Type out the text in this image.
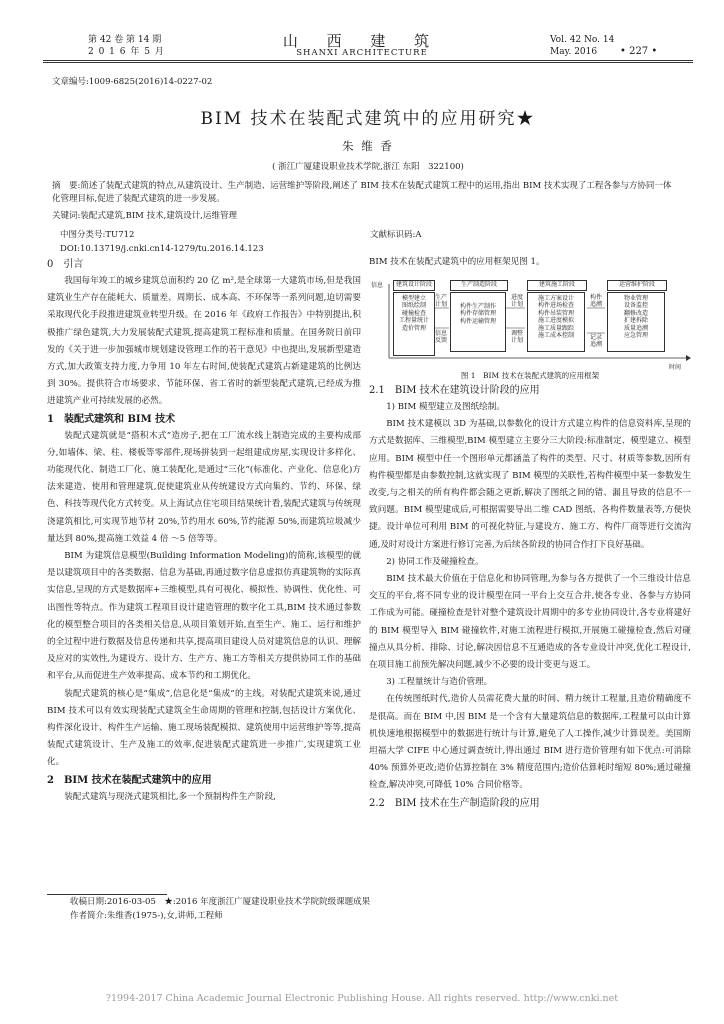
第 42 卷 第 14 期
2 0 1 6 年 5 月
山 西 建 筑
SHANXI ARCHITECTURE
Vol. 42 No. 14
May. 2016 • 227 •
文章编号:1009-6825(2016)14-0227-02
BIM 技术在装配式建筑中的应用研究★
朱 维 香
( 浙江广厦建设职业技术学院,浙江 东阳　322100)
摘　要:简述了装配式建筑的特点,从建筑设计、生产制造、运营维护等阶段,阐述了 BIM 技术在装配式建筑工程中的运用,指出 BIM 技术实现了工程各参与方协同一体化管理目标,促进了装配式建筑的进一步发展。
关键词:装配式建筑,BIM 技术,建筑设计,运维管理
中图分类号:TU712	文献标识码:A
DOI:10.13719/j.cnki.cn14-1279/tu.2016.14.123
0　引言

我国每年竣工的城乡建筑总面积约 20 亿 m²,是全球第一大建筑市场,但是我国建筑业生产存在能耗大、质量差、周期长、成本高、不环保等一系列问题,迫切需要采取现代化手段推进建筑业转型升级。在 2016 年《政府工作报告》中特别提出,积极推广绿色建筑,大力发展装配式建筑,提高建筑工程标准和质量。在国务院日前印发的《关于进一步加强城市规划建设管理工作的若干意见》中也提出,发展新型建造方式,加大政策支持力度,力争用 10 年左右时间,使装配式建筑占新建建筑的比例达到 30%。提供符合市场要求、节能环保、省工省时的新型装配式建筑,已经成为推进建筑产业可持续发展的必然。

1　装配式建筑和 BIM 技术

装配式建筑就是“搭积木式”造房子,把在工厂流水线上制造完成的主要构成部分,如墙体、梁、柱、楼板等零部件,现场拼装到一起组建成房屋,实现设计多样化、功能现代化、制造工厂化、施工装配化,是通过“三化”(标准化、产业化、信息化)方法来建造、使用和管理建筑,促使建筑业从传统建设方式向集约、节约、环保、绿色、科技等现代化方式转变。从上海试点住宅项目结果统计看,装配式建筑与传统现浇建筑相比,可实现节地节材 20%,节约用水 60%,节约能源 50%,而建筑垃圾减少量达到 80%,提高施工效益 4 倍 ～5 倍等等。

BIM 为建筑信息模型(Building Information Modeling)的简称,该模型的就是以建筑项目中的各类数据、信息为基础,再通过数字信息虚拟仿真建筑物的实际真实信息,呈现的方式是数据库+三维模型,具有可视化、模拟性、协调性、优化性、可出图性等特点。作为建筑工程项目设计建造管理的数字化工具,BIM 技术通过参数化的模型整合项目的各类相关信息,从项目策划开始,直至生产、施工、运行和维护的全过程中进行数据及信息传递和共享,提高项目建设人员对建筑信息的认识、理解及应对的实效性,为建设方、设计方、生产方、施工方等相关方提供协同工作的基础和平台,从而促进生产效率提高、成本节约和工期优化。

装配式建筑的核心是“集成”,信息化是“集成”的主线。对装配式建筑来说,通过 BIM 技术可以有效实现装配式建筑全生命周期的管理和控制,包括设计方案优化、构件深化设计、构件生产运输、施工现场装配模拟、建筑使用中运营维护等等,提高装配式建筑设计、生产及施工的效率,促进装配式建筑进一步推广,实现建筑工业化。

2　BIM 技术在装配式建筑中的应用

装配式建筑与现浇式建筑相比,多一个预制构件生产阶段,

BIM 技术在装配式建筑中的应用框架见图 1。

信息
时间
建筑设计阶段
模型建立
图纸绘制
碰撞检查
工程量统计
造价管理
生产制造阶段
构件生产制作
构件存储管理
构件运输管理
建筑施工阶段
施工方案设计
构件进场检查
构件吊装管理
施工进度模拟
施工质量跟踪
施工成本控制
运营维护阶段
物业管理
设备监控
翻修改造
扩建拆除
质量追溯
应急管理
生产
计划
信息
反馈
进度
计划
调整
计划
构件
追溯
记录
追溯
图 1　BIM 技术在装配式建筑的应用框架
2.1　BIM 技术在建筑设计阶段的应用

1) BIM 模型建立及图纸绘制。

BIM 技术建模以 3D 为基础,以参数化的设计方式建立构件的信息资料库,呈现的方式是数据库、三维模型,BIM 模型建立主要分三大阶段:标准制定、模型建立、模型应用。BIM 模型中任一个图形单元都涵盖了构件的类型、尺寸、材质等参数,因所有构件模型都是由参数控制,这就实现了 BIM 模型的关联性,若构件模型中某一参数发生改变,与之相关的所有构件都会随之更新,解决了图纸之间的错、漏且导致的信息不一致问题。BIM 模型建成后,可根据需要导出二维 CAD 图纸、各构件数量表等,方便快捷。设计单位可利用 BIM 的可视化特征,与建设方、施工方、构件厂商等进行交流沟通,及时对设计方案进行修订完善,为后续各阶段的协同合作打下良好基础。

2) 协同工作及碰撞检查。

BIM 技术最大价值在于信息化和协同管理,为参与各方提供了一个三维设计信息交互的平台,将不同专业的设计模型在同一平台上交互合并,使各专业、各参与方协同工作成为可能。碰撞检查是针对整个建筑设计周期中的多专业协同设计,各专业将建好的 BIM 模型导入 BIM 碰撞软件,对施工流程进行模拟,开展施工碰撞检查,然后对碰撞点从具分析、排除、讨论,解决因信息不互通造成的各专业设计冲突,优化工程设计,在项目施工前预先解决问题,减少不必要的设计变更与返工。

3) 工程量统计与造价管理。

在传统图纸时代,造价人员需花费大量的时间、精力统计工程量,且造价精确度不是很高。而在 BIM 中,因 BIM 是一个含有大量建筑信息的数据库,工程量可以由计算机快速地根据模型中的数据进行统计与计算,避免了人工操作,减少计算误差。美国斯坦福大学 CIFE 中心通过调查统计,得出通过 BIM 进行造价管理有如下优点:可消除 40% 预算外更改;造价估算控制在 3% 精度范围内;造价估算耗时缩短 80%;通过碰撞检查,解决冲突,可降低 10% 合同价格等。

2.2　BIM 技术在生产制造阶段的应用
收稿日期:2016-03-05　★:2016 年度浙江广厦建设职业技术学院院级课题成果
作者简介:朱维香(1975-),女,讲师,工程师
?1994-2017 China Academic Journal Electronic Publishing House. All rights reserved. http://www.cnki.net
